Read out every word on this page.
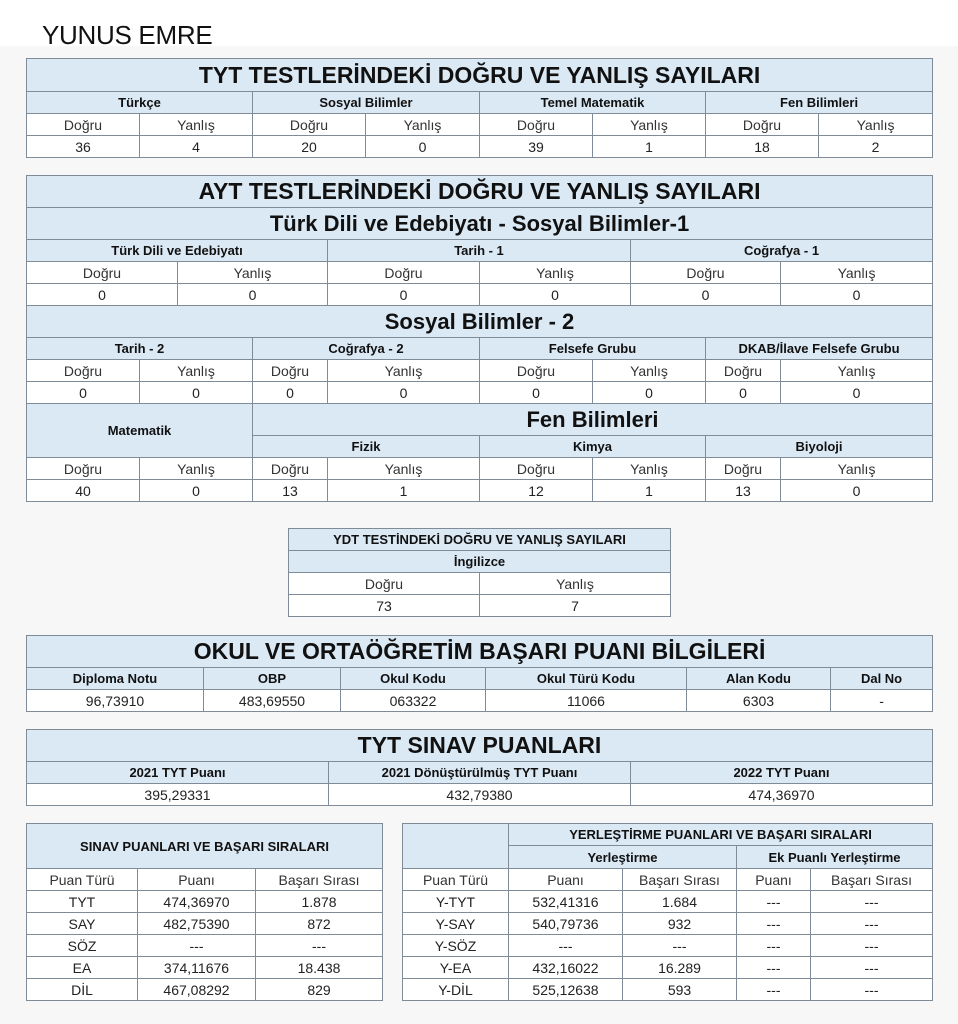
YUNUS EMRE
TYT TESTLERİNDEKİ DOĞRU VE YANLIŞ SAYILARI							
Türkçe		Sosyal Bilimler		Temel Matematik		Fen Bilimleri	
Doğru	Yanlış	Doğru	Yanlış	Doğru	Yanlış	Doğru	Yanlış
36	4	20	0	39	1	18	2
AYT TESTLERİNDEKİ DOĞRU VE YANLIŞ SAYILARI									
Türk Dili ve Edebiyatı - Sosyal Bilimler-1									
Türk Dili ve Edebiyatı				Tarih - 1			Coğrafya - 1		
Doğru		Yanlış		Doğru	Yanlış		Doğru		Yanlış
0		0		0	0		0		0
Sosyal Bilimler - 2									
Tarih - 2			Coğrafya - 2		Felsefe Grubu			DKAB/İlave Felsefe Grubu	
Doğru	Yanlış		Doğru	Yanlış	Doğru	Yanlış		Doğru	Yanlış
0	0		0	0	0	0		0	0
Matematik			Fen Bilimleri						
			Fizik		Kimya			Biyoloji	
Doğru	Yanlış		Doğru	Yanlış	Doğru	Yanlış		Doğru	Yanlış
40	0		13	1	12	1		13	0
YDT TESTİNDEKİ DOĞRU VE YANLIŞ SAYILARI	
İngilizce	
Doğru	Yanlış
73	7
OKUL VE ORTAÖĞRETİM BAŞARI PUANI BİLGİLERİ					
Diploma Notu	OBP	Okul Kodu	Okul Türü Kodu	Alan Kodu	Dal No
96,73910	483,69550	063322	11066	6303	-
TYT SINAV PUANLARI		
2021 TYT Puanı	2021 Dönüştürülmüş TYT Puanı	2022 TYT Puanı
395,29331	432,79380	474,36970
SINAV PUANLARI VE BAŞARI SIRALARI		
Puan Türü	Puanı	Başarı Sırası
TYT	474,36970	1.878
SAY	482,75390	872
SÖZ	---	---
EA	374,11676	18.438
DİL	467,08292	829
	YERLEŞTİRME PUANLARI VE BAŞARI SIRALARI			
	Yerleştirme		Ek Puanlı Yerleştirme	
Puan Türü	Puanı	Başarı Sırası	Puanı	Başarı Sırası
Y-TYT	532,41316	1.684	---	---
Y-SAY	540,79736	932	---	---
Y-SÖZ	---	---	---	---
Y-EA	432,16022	16.289	---	---
Y-DİL	525,12638	593	---	---
